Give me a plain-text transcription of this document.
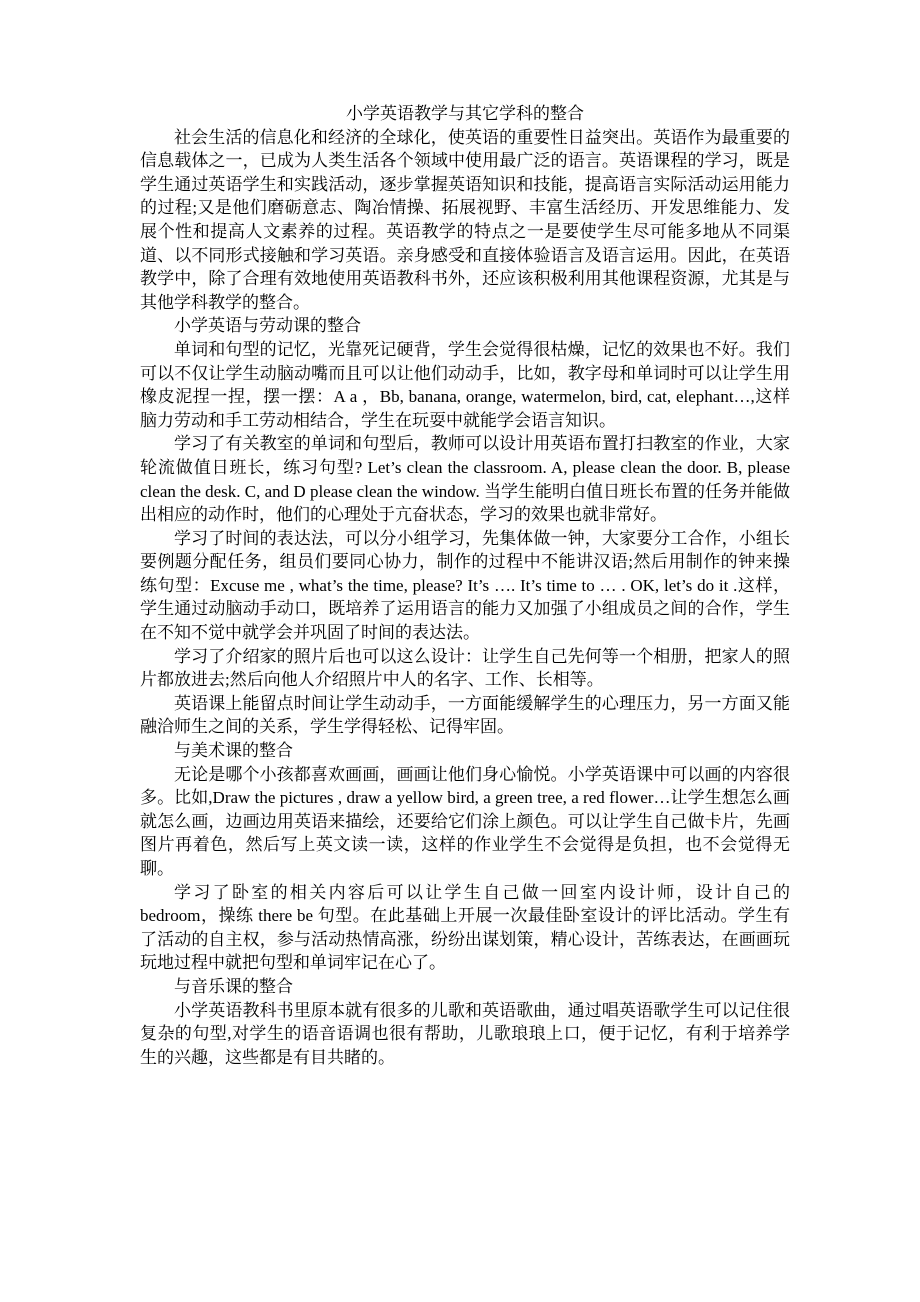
小学英语教学与其它学科的整合

社会生活的信息化和经济的全球化，使英语的重要性日益突出。英语作为最重要的信息载体之一，已成为人类生活各个领域中使用最广泛的语言。英语课程的学习，既是学生通过英语学生和实践活动，逐步掌握英语知识和技能，提高语言实际活动运用能力的过程;又是他们磨砺意志、陶冶情操、拓展视野、丰富生活经历、开发思维能力、发展个性和提高人文素养的过程。英语教学的特点之一是要使学生尽可能多地从不同渠道、以不同形式接触和学习英语。亲身感受和直接体验语言及语言运用。因此，在英语教学中，除了合理有效地使用英语教科书外，还应该积极利用其他课程资源，尤其是与其他学科教学的整合。

小学英语与劳动课的整合

单词和句型的记忆，光靠死记硬背，学生会觉得很枯燥，记忆的效果也不好。我们可以不仅让学生动脑动嘴而且可以让他们动动手，比如，教字母和单词时可以让学生用橡皮泥捏一捏，摆一摆：A a ，Bb, banana, orange, watermelon, bird, cat, elephant…,这样脑力劳动和手工劳动相结合，学生在玩耍中就能学会语言知识。

学习了有关教室的单词和句型后，教师可以设计用英语布置打扫教室的作业，大家轮流做值日班长，练习句型? Let’s clean the classroom. A, please clean the door. B, please clean the desk. C, and D please clean the window. 当学生能明白值日班长布置的任务并能做出相应的动作时，他们的心理处于亢奋状态，学习的效果也就非常好。

学习了时间的表达法，可以分小组学习，先集体做一钟，大家要分工合作，小组长要例题分配任务，组员们要同心协力，制作的过程中不能讲汉语;然后用制作的钟来操练句型：Excuse me , what’s the time, please? It’s …. It’s time to … . OK, let’s do it .这样，学生通过动脑动手动口，既培养了运用语言的能力又加强了小组成员之间的合作，学生在不知不觉中就学会并巩固了时间的表达法。

学习了介绍家的照片后也可以这么设计：让学生自己先何等一个相册，把家人的照片都放进去;然后向他人介绍照片中人的名字、工作、长相等。

英语课上能留点时间让学生动动手，一方面能缓解学生的心理压力，另一方面又能融洽师生之间的关系，学生学得轻松、记得牢固。

与美术课的整合

无论是哪个小孩都喜欢画画，画画让他们身心愉悦。小学英语课中可以画的内容很多。比如,Draw the pictures , draw a yellow bird, a green tree, a red flower…让学生想怎么画就怎么画，边画边用英语来描绘，还要给它们涂上颜色。可以让学生自己做卡片，先画图片再着色，然后写上英文读一读，这样的作业学生不会觉得是负担，也不会觉得无聊。

学习了卧室的相关内容后可以让学生自己做一回室内设计师，设计自己的bedroom，操练 there be 句型。在此基础上开展一次最佳卧室设计的评比活动。学生有了活动的自主权，参与活动热情高涨，纷纷出谋划策，精心设计，苦练表达，在画画玩玩地过程中就把句型和单词牢记在心了。

与音乐课的整合

小学英语教科书里原本就有很多的儿歌和英语歌曲，通过唱英语歌学生可以记住很复杂的句型,对学生的语音语调也很有帮助，儿歌琅琅上口，便于记忆，有利于培养学生的兴趣，这些都是有目共睹的。
